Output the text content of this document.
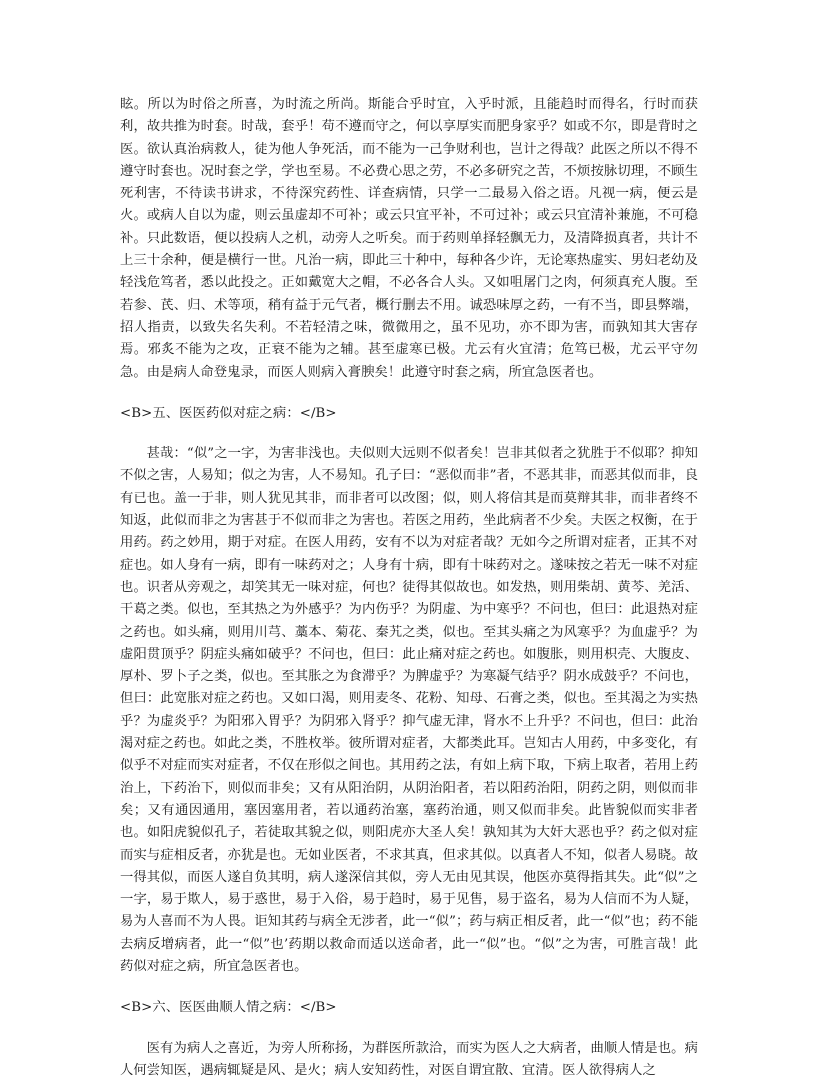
眩。所以为时俗之所喜，为时流之所尚。斯能合乎时宜，入乎时派，且能趋时而得名，行时而获利，故共推为时套。时哉，套乎！苟不遵而守之，何以享厚实而肥身家乎？如或不尔，即是背时之医。欲认真治病救人，徒为他人争死活，而不能为一己争财利也，岂计之得哉？此医之所以不得不遵守时套也。况时套之学，学也至易。不必费心思之劳，不必多研究之苦，不烦按脉切理，不顾生死利害，不待读书讲求，不待深究药性、详查病情，只学一二最易入俗之语。凡视一病，便云是火。或病人自以为虚，则云虽虚却不可补；或云只宜平补，不可过补；或云只宜清补兼施，不可稳补。只此数语，便以投病人之机，动旁人之听矣。而于药则单择轻飘无力，及清降损真者，共计不上三十余种，便是横行一世。凡治一病，即此三十种中，每种各少许，无论寒热虚实、男妇老幼及轻浅危笃者，悉以此投之。正如戴宽大之帽，不必各合人头。又如咀屠门之肉，何须真充人腹。至若参、芪、归、术等项，稍有益于元气者，概行删去不用。诚恐味厚之药，一有不当，即县弊端，招人指责，以致失名失利。不若轻清之味，微微用之，虽不见功，亦不即为害，而孰知其大害存焉。邪炙不能为之攻，正衰不能为之辅。甚至虚寒已极。尤云有火宜清；危笃已极，尤云平守勿急。由是病人命登鬼录，而医人则病入膏腴矣！此遵守时套之病，所宜急医者也。

<B>五、医医药似对症之病：</B>

甚哉：“似”之一字，为害非浅也。夫似则大远则不似者矣！岂非其似者之犹胜于不似耶？抑知不似之害，人易知；似之为害，人不易知。孔子曰：“恶似而非”者，不恶其非，而恶其似而非，良有已也。盖一于非，则人犹见其非，而非者可以改图；似，则人将信其是而莫辩其非，而非者终不知返，此似而非之为害甚于不似而非之为害也。若医之用药，坐此病者不少矣。夫医之权衡，在于用药。药之妙用，期于对症。在医人用药，安有不以为对症者哉？无如今之所谓对症者，正其不对症也。如人身有一病，即有一味药对之；人身有十病，即有十味药对之。遂味按之若无一味不对症也。识者从旁观之，却笑其无一味对症，何也？徒得其似故也。如发热，则用柴胡、黄芩、羌活、干葛之类。似也，至其热之为外感乎？为内伤乎？为阴虚、为中寒乎？不问也，但曰：此退热对症之药也。如头痛，则用川芎、藁本、菊花、秦艽之类，似也。至其头痛之为风寒乎？为血虚乎？为虚阳贯顶乎？阴症头痛如破乎？不问也，但曰：此止痛对症之药也。如腹胀，则用枳壳、大腹皮、厚朴、罗卜子之类，似也。至其胀之为食滞乎？为脾虚乎？为寒凝气结乎？阴水成鼓乎？不问也，但曰：此宽胀对症之药也。又如口渴，则用麦冬、花粉、知母、石膏之类，似也。至其渴之为实热乎？为虚炎乎？为阳邪入胃乎？为阴邪入肾乎？抑气虚无津，肾水不上升乎？不问也，但曰：此治渴对症之药也。如此之类，不胜枚举。彼所谓对症者，大都类此耳。岂知古人用药，中多变化，有似乎不对症而实对症者，不仅在形似之间也。其用药之法，有如上病下取，下病上取者，若用上药治上，下药治下，则似而非矣；又有从阳治阴，从阴治阳者，若以阳药治阳，阴药之阴，则似而非矣；又有通因通用，塞因塞用者，若以通药治塞，塞药治通，则又似而非矣。此皆貌似而实非者也。如阳虎貌似孔子，若徒取其貌之似，则阳虎亦大圣人矣！孰知其为大奸大恶也乎？药之似对症而实与症相反者，亦犹是也。无如业医者，不求其真，但求其似。以真者人不知，似者人易晓。故一得其似，而医人遂自负其明，病人遂深信其似，旁人无由见其误，他医亦莫得指其失。此“似”之一字，易于欺人，易于惑世，易于入俗，易于趋时，易于见售，易于盗名，易为人信而不为人疑，易为人喜而不为人畏。讵知其药与病全无涉者，此一“似”；药与病正相反者，此一“似”也；药不能去病反增病者，此一“似”也’药期以救命而适以送命者，此一“似”也。“似”之为害，可胜言哉！此药似对症之病，所宜急医者也。

<B>六、医医曲顺人情之病：</B>

医有为病人之喜近，为旁人所称扬，为群医所款洽，而实为医人之大病者，曲顺人情是也。病人何尝知医，遇病辄疑是风、是火；病人安知药性，对医自谓宜散、宜清。医人欲得病人之
